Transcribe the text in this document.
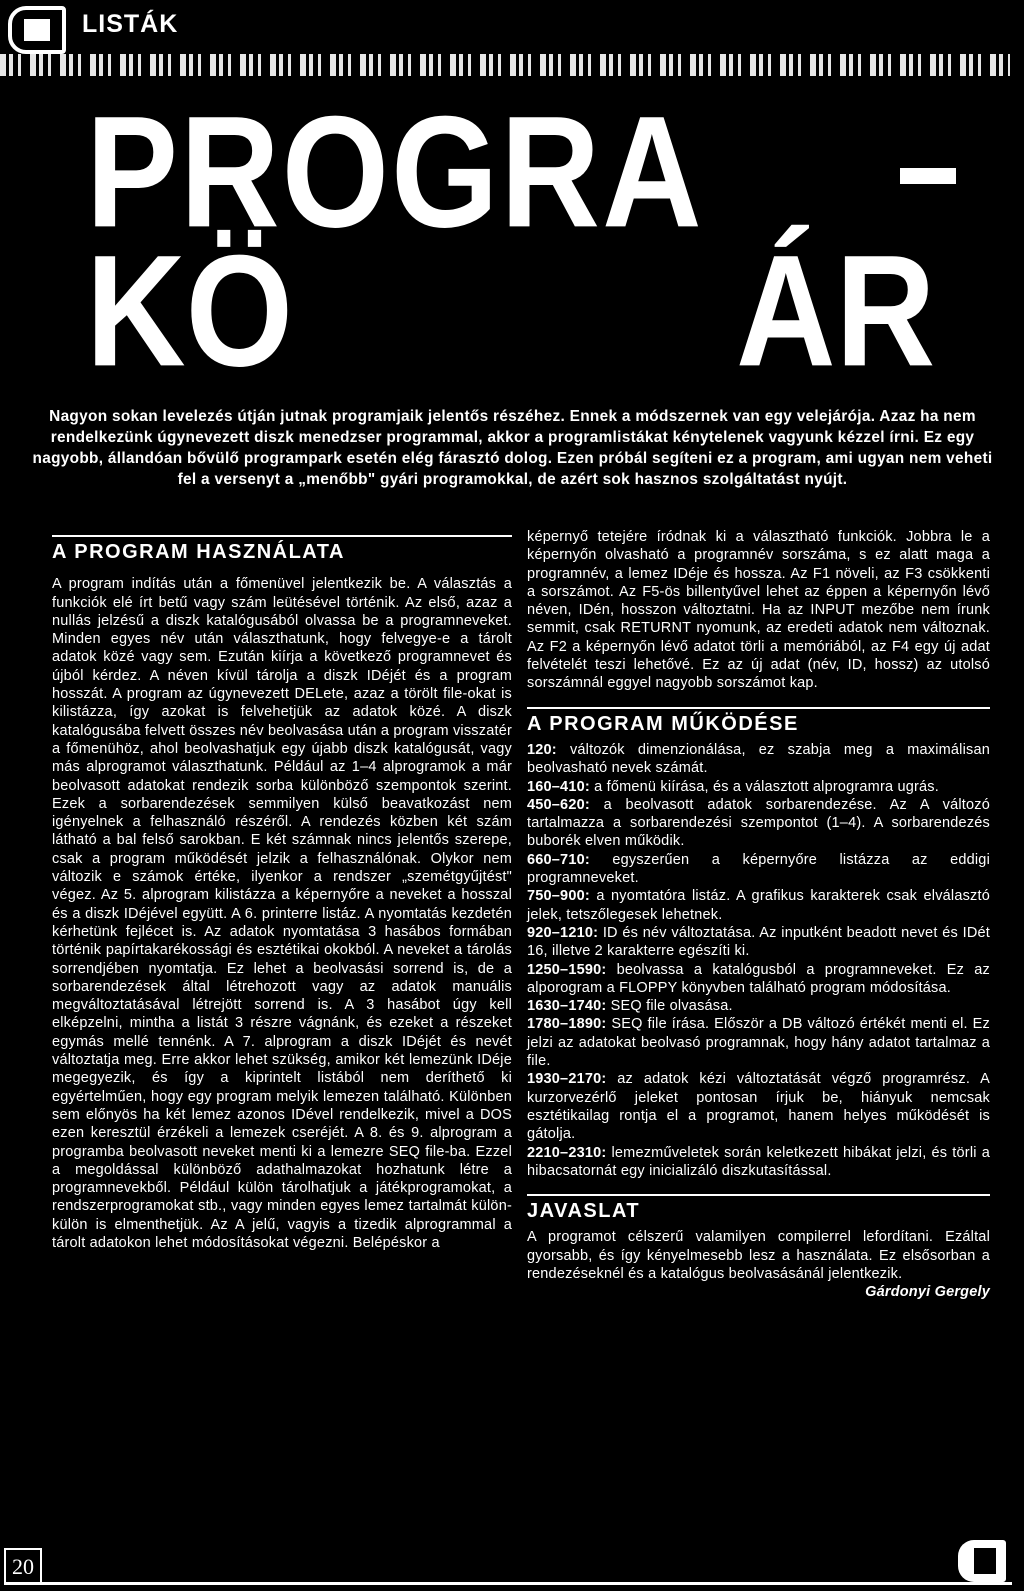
LISTÁK
PROGRA
KÖ	ÁR
Nagyon sokan levelezés útján jutnak programjaik jelentős részéhez. Ennek a módszernek van egy velejárója. Azaz ha nem rendelkezünk úgynevezett diszk menedzser programmal, akkor a programlistákat kénytelenek vagyunk kézzel írni. Ez egy nagyobb, állandóan bővülő programpark esetén elég fárasztó dolog. Ezen próbál segíteni ez a program, ami ugyan nem veheti fel a versenyt a „menőbb" gyári programokkal, de azért sok hasznos szolgáltatást nyújt.
A PROGRAM HASZNÁLATA

A program indítás után a főmenüvel jelentkezik be. A választás a funkciók elé írt betű vagy szám leütésével történik. Az első, azaz a nullás jelzésű a diszk katalógusából olvassa be a programneveket. Minden egyes név után választhatunk, hogy felvegye-e a tárolt adatok közé vagy sem. Ezután kiírja a következő programnevet és újból kérdez. A néven kívül tárolja a diszk IDéjét és a program hosszát. A program az úgynevezett DELete, azaz a törölt file-okat is kilistázza, így azokat is felvehetjük az adatok közé. A diszk katalógusába felvett összes név beolvasása után a program visszatér a főmenühöz, ahol beolvashatjuk egy újabb diszk katalógusát, vagy más alprogramot választhatunk. Például az 1–4 alprogramok a már beolvasott adatokat rendezik sorba különböző szempontok szerint. Ezek a sorbarendezések semmilyen külső beavatkozást nem igényelnek a felhasználó részéről. A rendezés közben két szám látható a bal felső sarokban. E két számnak nincs jelentős szerepe, csak a program működését jelzik a felhasználónak. Olykor nem változik e számok értéke, ilyenkor a rendszer „szemétgyűjtést" végez. Az 5. alprogram kilistázza a képernyőre a neveket a hosszal és a diszk IDéjével együtt. A 6. printerre listáz. A nyomtatás kezdetén kérhetünk fejlécet is. Az adatok nyomtatása 3 hasábos formában történik papírtakarékossági és esztétikai okokból. A neveket a tárolás sorrendjében nyomtatja. Ez lehet a beolvasási sorrend is, de a sorbarendezések által létrehozott vagy az adatok manuális megváltoztatásával létrejött sorrend is. A 3 hasábot úgy kell elképzelni, mintha a listát 3 részre vágnánk, és ezeket a részeket egymás mellé tennénk. A 7. alprogram a diszk IDéjét és nevét változtatja meg. Erre akkor lehet szükség, amikor két lemezünk IDéje megegyezik, és így a kiprintelt listából nem deríthető ki egyértelműen, hogy egy program melyik lemezen található. Különben sem előnyös ha két lemez azonos IDével rendelkezik, mivel a DOS ezen keresztül érzékeli a lemezek cseréjét. A 8. és 9. alprogram a programba beolvasott neveket menti ki a lemezre SEQ file-ba. Ezzel a megoldással különböző adathalmazokat hozhatunk létre a programnevekből. Például külön tárolhatjuk a játékprogramokat, a rendszerprogramokat stb., vagy minden egyes lemez tartalmát külön-külön is elmenthetjük. Az A jelű, vagyis a tizedik alprogrammal a tárolt adatokon lehet módosításokat végezni. Belépéskor a

képernyő tetejére íródnak ki a választható funkciók. Jobbra le a képernyőn olvasható a programnév sorszáma, s ez alatt maga a programnév, a lemez IDéje és hossza. Az F1 növeli, az F3 csökkenti a sorszámot. Az F5-ös billentyűvel lehet az éppen a képernyőn lévő néven, IDén, hosszon változtatni. Ha az INPUT mezőbe nem írunk semmit, csak RETURNT nyomunk, az eredeti adatok nem változnak. Az F2 a képernyőn lévő adatot törli a memóriából, az F4 egy új adat felvételét teszi lehetővé. Ez az új adat (név, ID, hossz) az utolsó sorszámnál eggyel nagyobb sorszámot kap.

A PROGRAM MŰKÖDÉSE

120: változók dimenzionálása, ez szabja meg a maximálisan beolvasható nevek számát.

160–410: a főmenü kiírása, és a választott alprogramra ugrás.

450–620: a beolvasott adatok sorbarendezése. Az A változó tartalmazza a sorbarendezési szempontot (1–4). A sorbarendezés buborék elven működik.

660–710: egyszerűen a képernyőre listázza az eddigi programneveket.

750–900: a nyomtatóra listáz. A grafikus karakterek csak elválasztó jelek, tetszőlegesek lehetnek.

920–1210: ID és név változtatása. Az inputként beadott nevet és IDét 16, illetve 2 karakterre egészíti ki.

1250–1590: beolvassa a katalógusból a programneveket. Ez az alporogram a FLOPPY könyvben található program módosítása.

1630–1740: SEQ file olvasása.

1780–1890: SEQ file írása. Először a DB változó értékét menti el. Ez jelzi az adatokat beolvasó programnak, hogy hány adatot tartalmaz a file.

1930–2170: az adatok kézi változtatását végző programrész. A kurzorvezérlő jeleket pontosan írjuk be, hiányuk nemcsak esztétikailag rontja el a programot, hanem helyes működését is gátolja.

2210–2310: lemezműveletek során keletkezett hibákat jelzi, és törli a hibacsatornát egy inicializáló diszkutasítással.

JAVASLAT

A programot célszerű valamilyen compilerrel lefordítani. Ezáltal gyorsabb, és így kényelmesebb lesz a használata. Ez elsősorban a rendezéseknél és a katalógus beolvasásánál jelentkezik.
Gárdonyi Gergely

20
